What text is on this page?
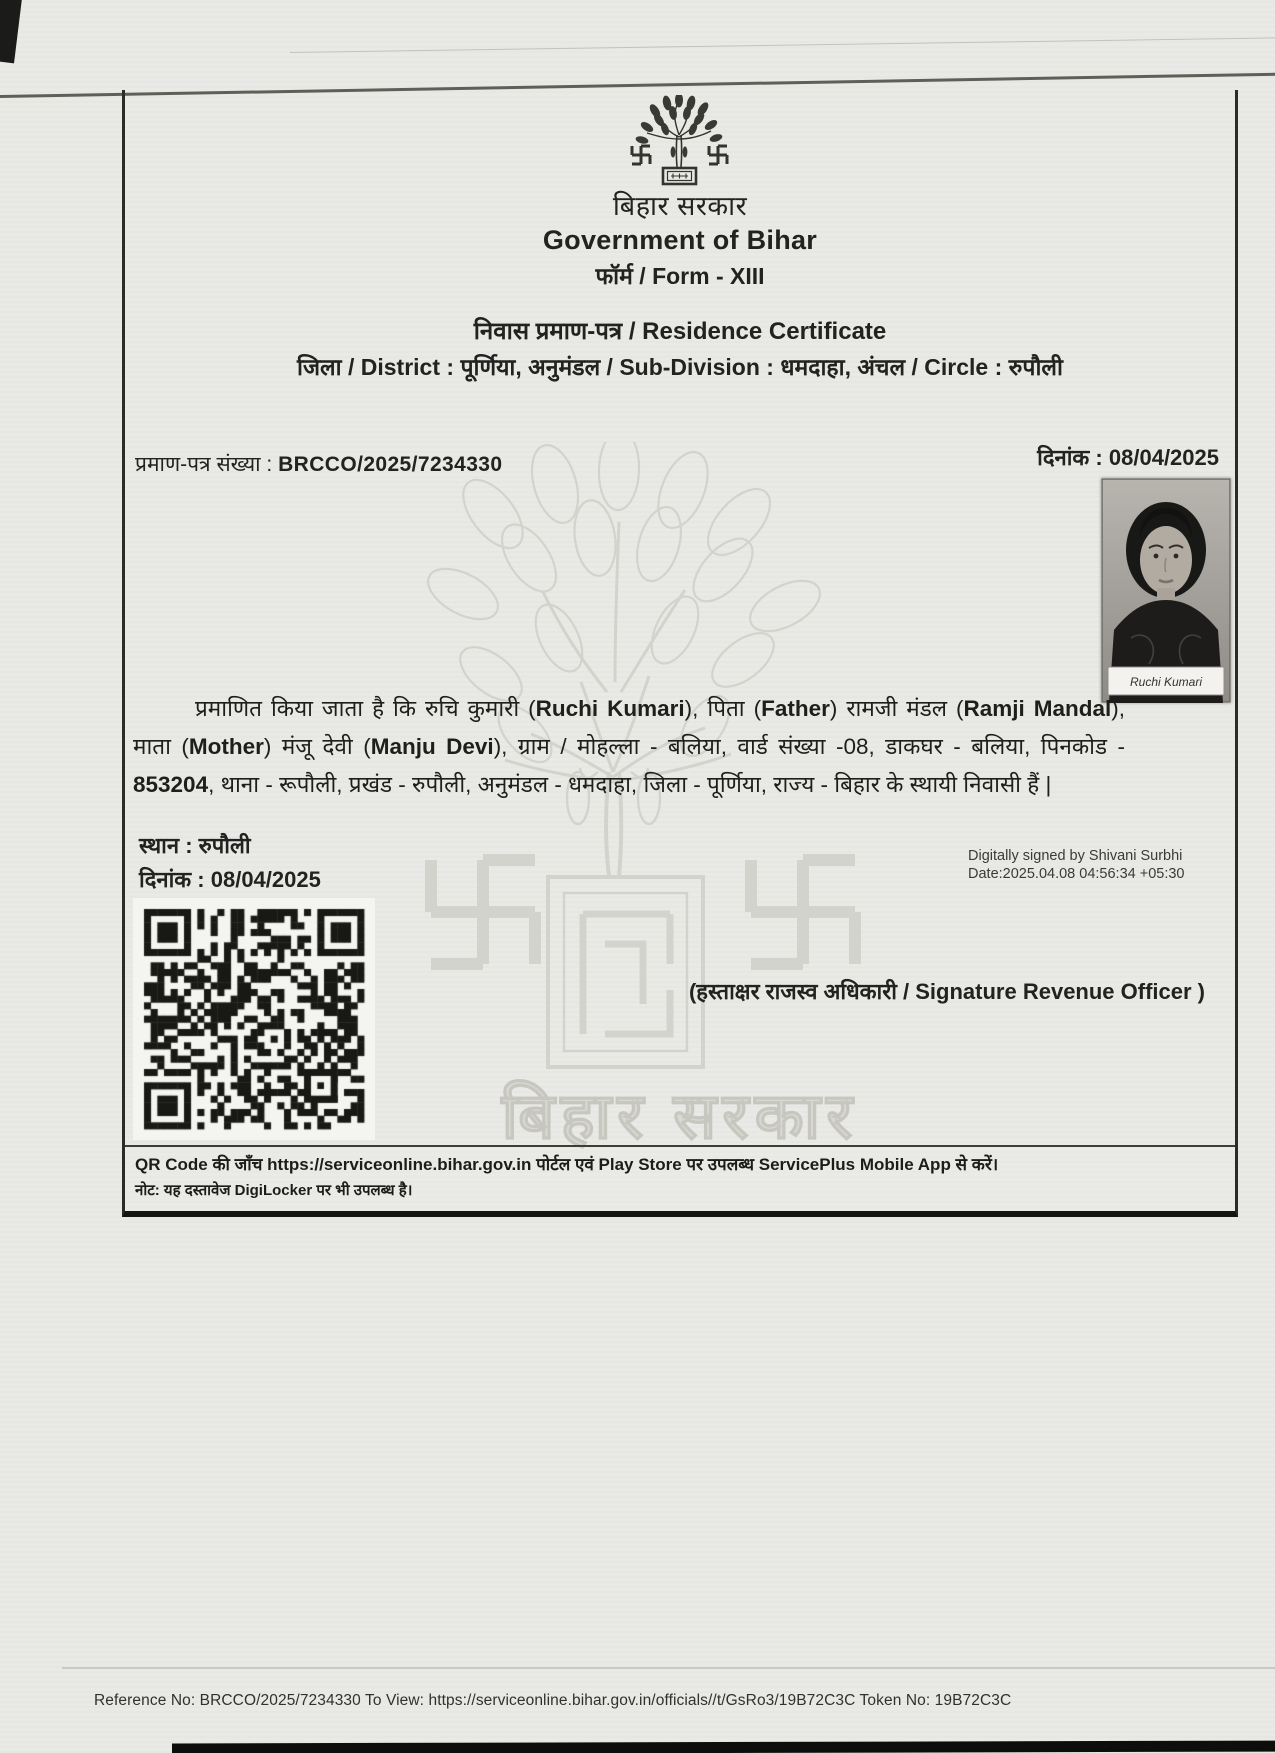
बिहार सरकार
बिहार सरकार
Government of Bihar
फॉर्म / Form - XIII
निवास प्रमाण-पत्र / Residence Certificate
जिला / District : पूर्णिया, अनुमंडल / Sub-Division : धमदाहा, अंचल / Circle : रुपौली
प्रमाण-पत्र संख्या : BRCCO/2025/7234330	दिनांक : 08/04/2025
Ruchi Kumari
प्रमाणित किया जाता है कि रुचि कुमारी (Ruchi Kumari), पिता (Father) रामजी मंडल (Ramji Mandal), माता (Mother) मंजू देवी (Manju Devi), ग्राम / मोहल्ला - बलिया, वार्ड संख्या -08, डाकघर - बलिया, पिनकोड - 853204, थाना - रूपौली, प्रखंड - रुपौली, अनुमंडल - धमदाहा, जिला - पूर्णिया, राज्य - बिहार के स्थायी निवासी हैं |
स्थान : रुपौली
दिनांक : 08/04/2025
Digitally signed by Shivani Surbhi
Date:2025.04.08 04:56:34 +05:30
(हस्ताक्षर राजस्व अधिकारी / Signature Revenue Officer )
QR Code की जाँच https://serviceonline.bihar.gov.in पोर्टल एवं Play Store पर उपलब्ध ServicePlus Mobile App से करें।
नोट: यह दस्तावेज DigiLocker पर भी उपलब्ध है।
Reference No: BRCCO/2025/7234330 To View: https://serviceonline.bihar.gov.in/officials//t/GsRo3/19B72C3C Token No: 19B72C3C
